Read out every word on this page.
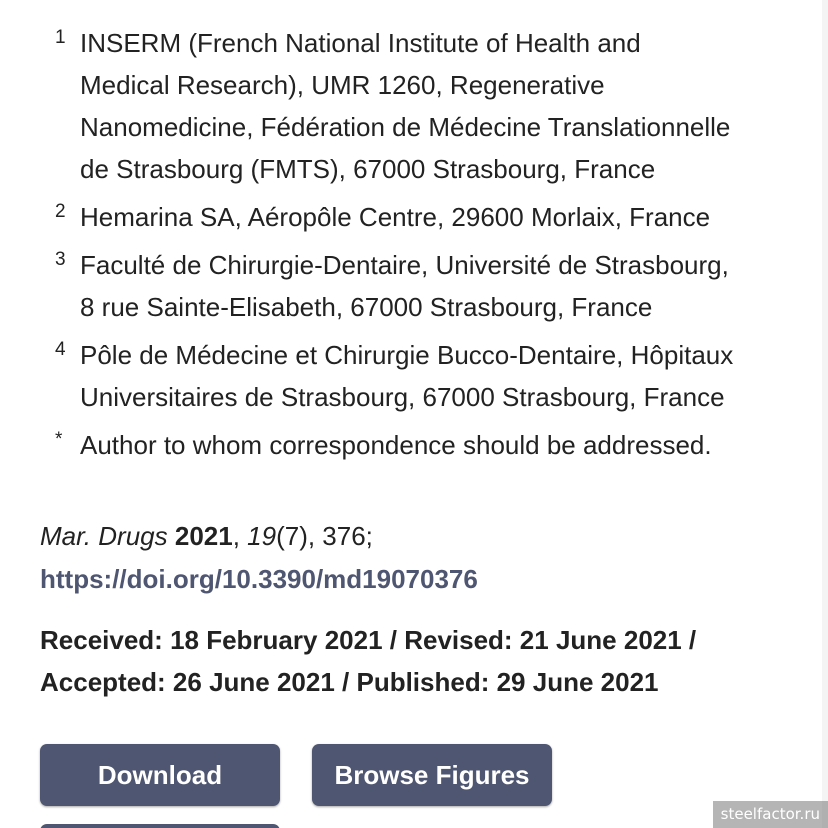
1 INSERM (French National Institute of Health and
Medical Research), UMR 1260, Regenerative
Nanomedicine, Fédération de Médecine Translationnelle
de Strasbourg (FMTS), 67000 Strasbourg, France
2 Hemarina SA, Aéropôle Centre, 29600 Morlaix, France
3 Faculté de Chirurgie-Dentaire, Université de Strasbourg,
8 rue Sainte-Elisabeth, 67000 Strasbourg, France
4 Pôle de Médecine et Chirurgie Bucco-Dentaire, Hôpitaux
Universitaires de Strasbourg, 67000 Strasbourg, France
* Author to whom correspondence should be addressed.
Mar. Drugs 2021, 19(7), 376;
https://doi.org/10.3390/md19070376
Received: 18 February 2021 / Revised: 21 June 2021 /
Accepted: 26 June 2021 / Published: 29 June 2021
Download	Browse Figures
steelfactor.ru
